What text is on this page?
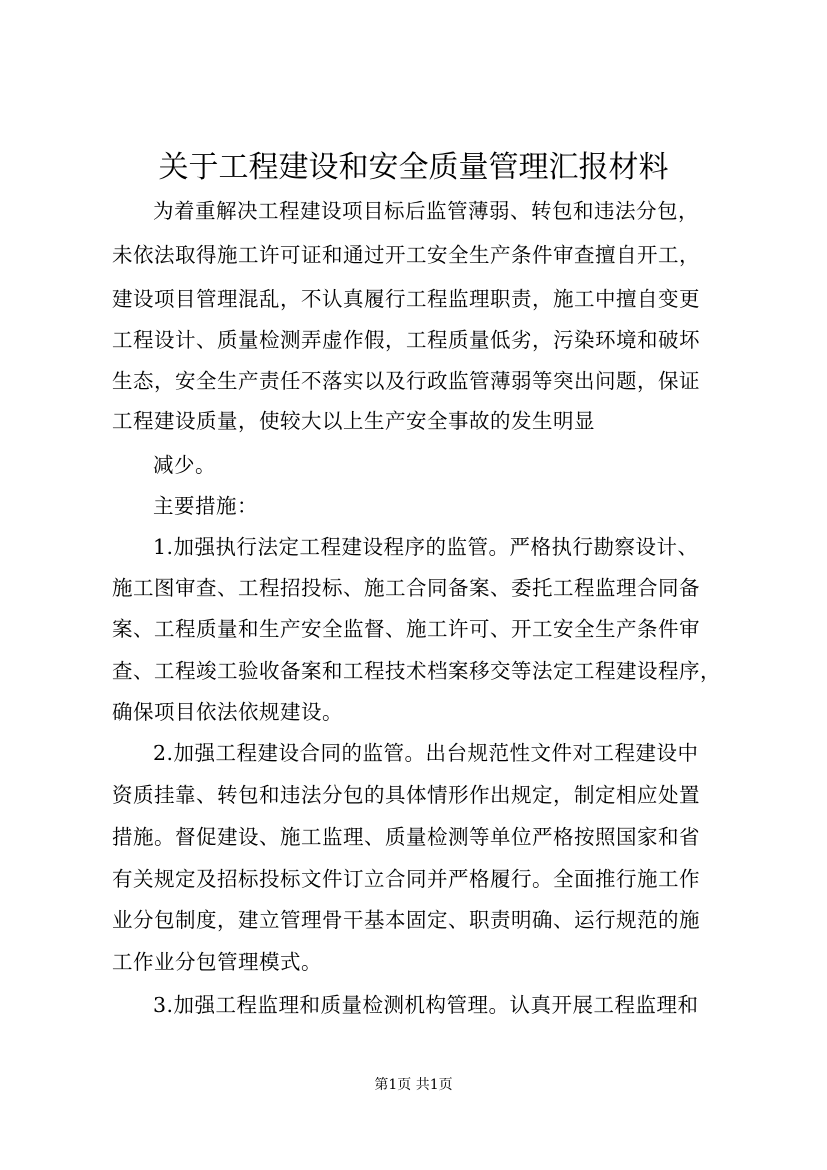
关于工程建设和安全质量管理汇报材料
为着重解决工程建设项目标后监管薄弱、转包和违法分包，
未依法取得施工许可证和通过开工安全生产条件审查擅自开工，
建设项目管理混乱，不认真履行工程监理职责，施工中擅自变更
工程设计、质量检测弄虚作假，工程质量低劣，污染环境和破坏
生态，安全生产责任不落实以及行政监管薄弱等突出问题，保证
工程建设质量，使较大以上生产安全事故的发生明显
减少。
主要措施：
1.加强执行法定工程建设程序的监管。严格执行勘察设计、
施工图审查、工程招投标、施工合同备案、委托工程监理合同备
案、工程质量和生产安全监督、施工许可、开工安全生产条件审
查、工程竣工验收备案和工程技术档案移交等法定工程建设程序，
确保项目依法依规建设。
2.加强工程建设合同的监管。出台规范性文件对工程建设中
资质挂靠、转包和违法分包的具体情形作出规定，制定相应处置
措施。督促建设、施工监理、质量检测等单位严格按照国家和省
有关规定及招标投标文件订立合同并严格履行。全面推行施工作
业分包制度，建立管理骨干基本固定、职责明确、运行规范的施
工作业分包管理模式。
3.加强工程监理和质量检测机构管理。认真开展工程监理和
第1页 共1页
